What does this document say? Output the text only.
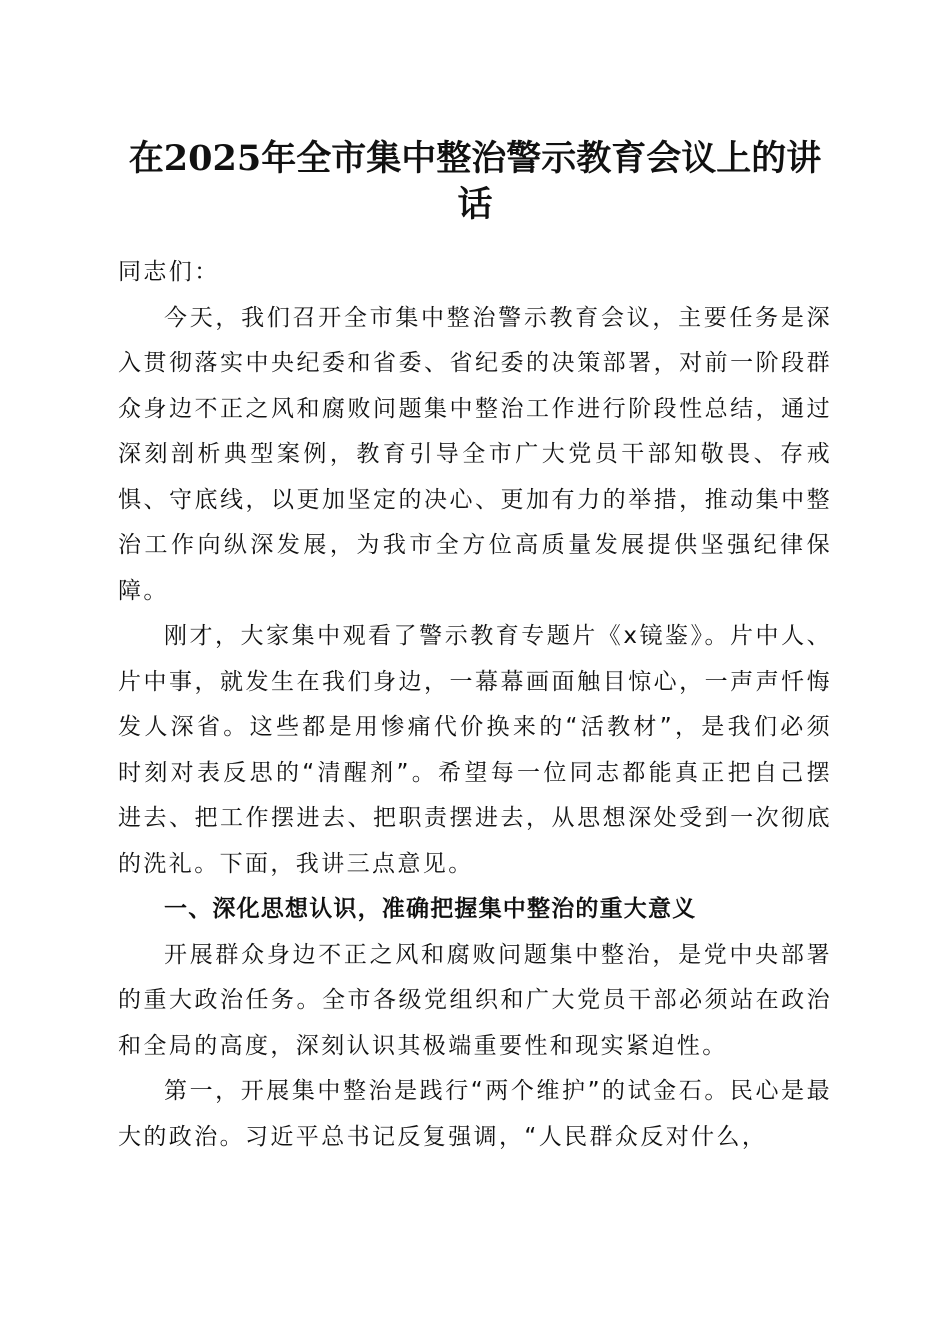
在2025年全市集中整治警示教育会议上的讲话

同志们：

今天，我们召开全市集中整治警示教育会议，主要任务是深入贯彻落实中央纪委和省委、省纪委的决策部署，对前一阶段群众身边不正之风和腐败问题集中整治工作进行阶段性总结，通过深刻剖析典型案例，教育引导全市广大党员干部知敬畏、存戒惧、守底线，以更加坚定的决心、更加有力的举措，推动集中整治工作向纵深发展，为我市全方位高质量发展提供坚强纪律保障。

刚才，大家集中观看了警示教育专题片《x镜鉴》。片中人、片中事，就发生在我们身边，一幕幕画面触目惊心，一声声忏悔发人深省。这些都是用惨痛代价换来的“活教材”，是我们必须时刻对表反思的“清醒剂”。希望每一位同志都能真正把自己摆进去、把工作摆进去、把职责摆进去，从思想深处受到一次彻底的洗礼。下面，我讲三点意见。

一、深化思想认识，准确把握集中整治的重大意义

开展群众身边不正之风和腐败问题集中整治，是党中央部署的重大政治任务。全市各级党组织和广大党员干部必须站在政治和全局的高度，深刻认识其极端重要性和现实紧迫性。

第一，开展集中整治是践行“两个维护”的试金石。民心是最大的政治。习近平总书记反复强调，“人民群众反对什么，
